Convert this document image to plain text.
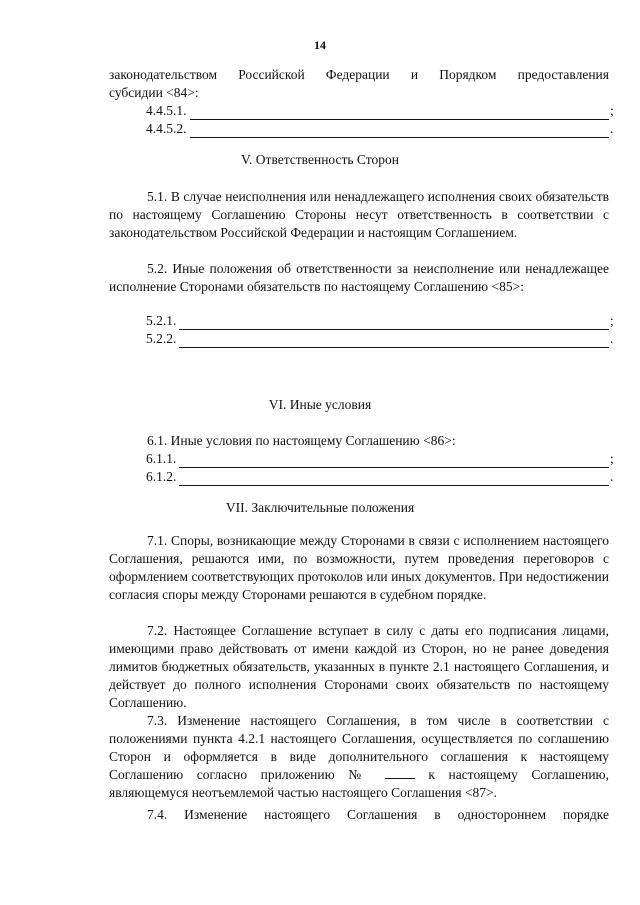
14
законодательством Российской Федерации и Порядком предоставления
субсидии <84>:
4.4.5.1.	;
4.4.5.2.	.
V. Ответственность Сторон
5.1. В случае неисполнения или ненадлежащего исполнения своих обязательств по настоящему Соглашению Стороны несут ответственность в соответствии с законодательством Российской Федерации и настоящим Соглашением.
5.2. Иные положения об ответственности за неисполнение или ненадлежащее исполнение Сторонами обязательств по настоящему Соглашению <85>:
5.2.1.	;
5.2.2.	.
VI. Иные условия
6.1. Иные условия по настоящему Соглашению <86>:
6.1.1.	;
6.1.2.	.
VII. Заключительные положения
7.1. Споры, возникающие между Сторонами в связи с исполнением настоящего Соглашения, решаются ими, по возможности, путем проведения переговоров с оформлением соответствующих протоколов или иных документов. При недостижении согласия споры между Сторонами решаются в судебном порядке.
7.2. Настоящее Соглашение вступает в силу с даты его подписания лицами, имеющими право действовать от имени каждой из Сторон, но не ранее доведения лимитов бюджетных обязательств, указанных в пункте 2.1 настоящего Соглашения, и действует до полного исполнения Сторонами своих обязательств по настоящему Соглашению.
7.3. Изменение настоящего Соглашения, в том числе в соответствии с положениями пункта 4.2.1 настоящего Соглашения, осуществляется по соглашению Сторон и оформляется в виде дополнительного соглашения к настоящему Соглашению согласно приложению №	к настоящему Соглашению, являющемуся неотъемлемой частью настоящего Соглашения <87>.
7.4. Изменение настоящего Соглашения в одностороннем порядке
